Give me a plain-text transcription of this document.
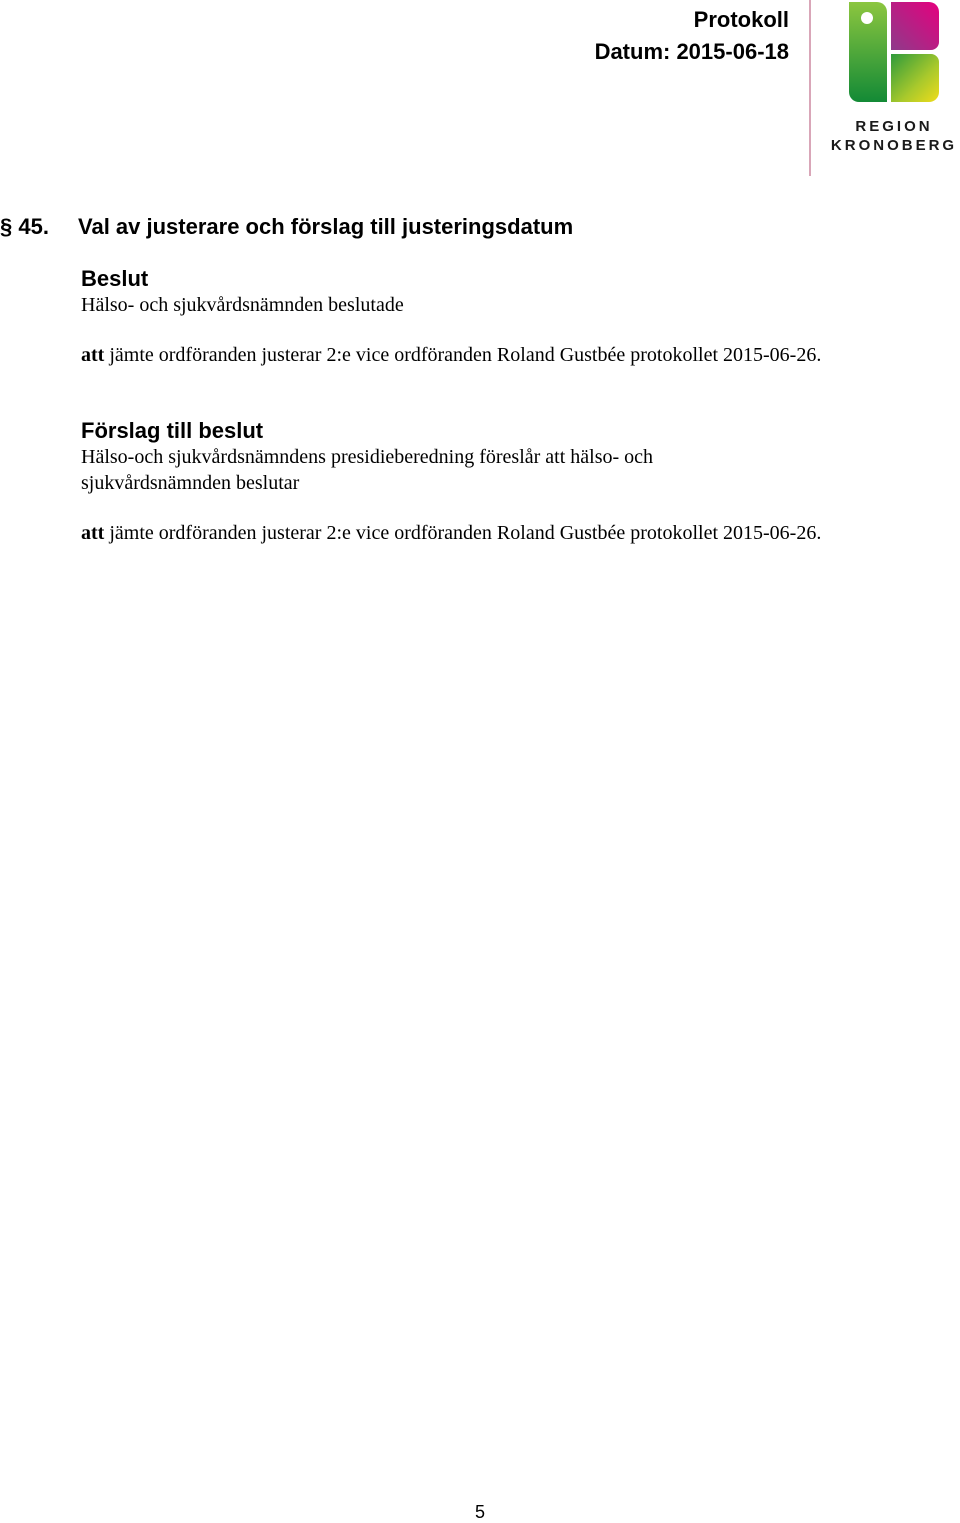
Protokoll
Datum: 2015-06-18
REGION
KRONOBERG
§ 45. Val av justerare och förslag till justeringsdatum
Beslut
Hälso- och sjukvårdsnämnden beslutade
att jämte ordföranden justerar 2:e vice ordföranden Roland Gustbée protokollet 2015-06-26.
Förslag till beslut
Hälso-och sjukvårdsnämndens presidieberedning föreslår att hälso- och sjukvårdsnämnden beslutar
att jämte ordföranden justerar 2:e vice ordföranden Roland Gustbée protokollet 2015-06-26.
5
